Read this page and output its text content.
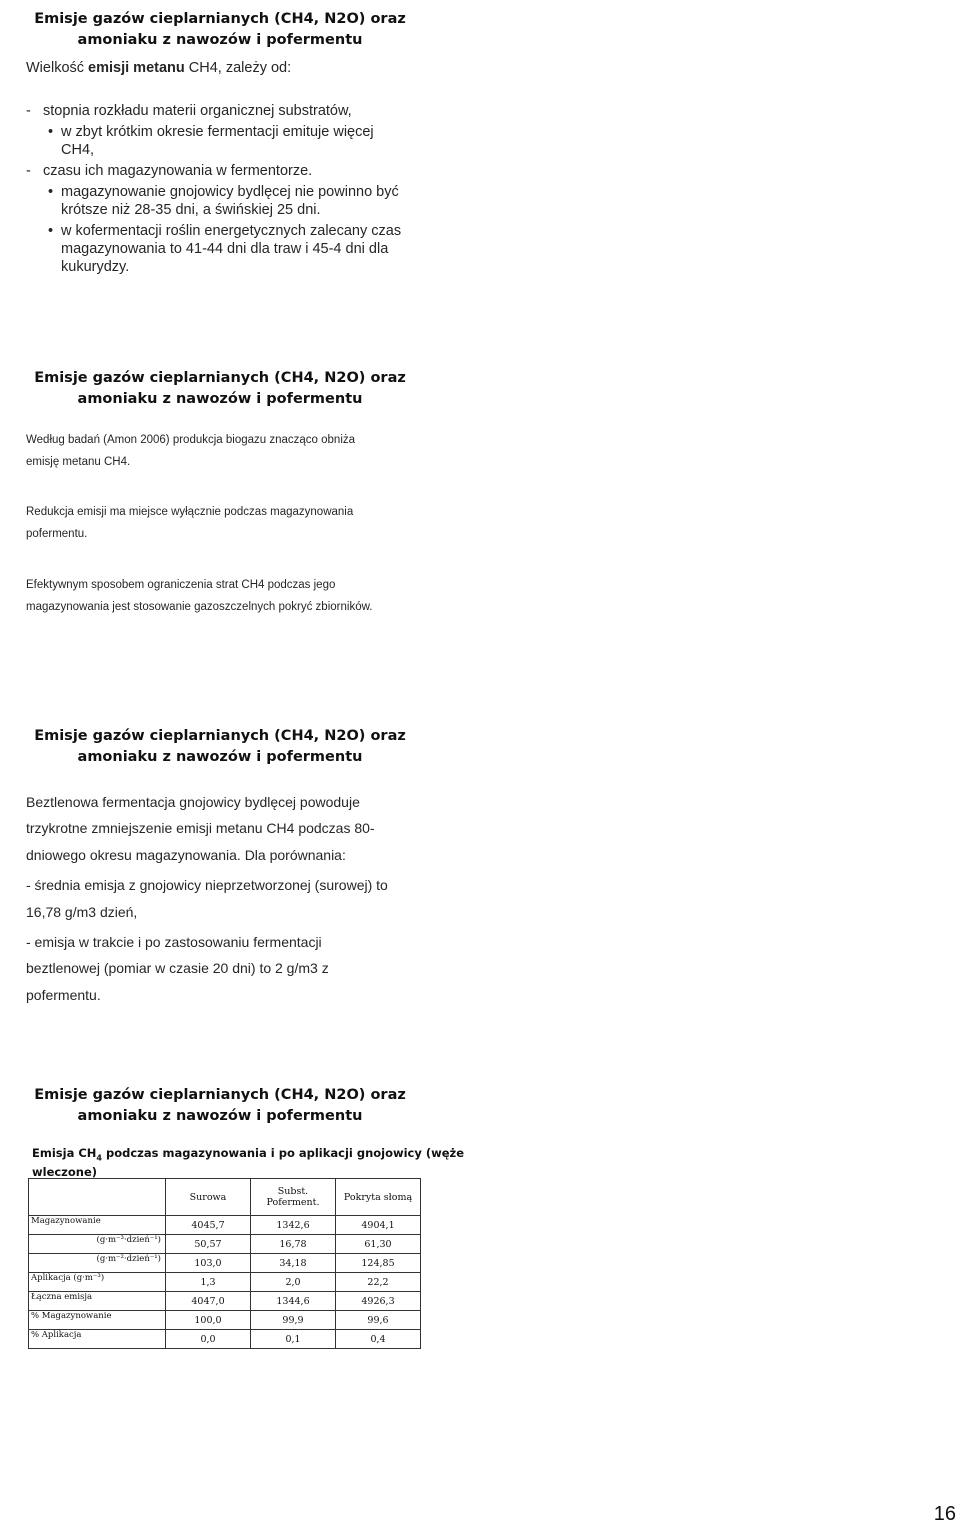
Emisje gazów cieplarnianych (CH4, N2O) oraz
amoniaku z nawozów i pofermentu
Wielkość emisji metanu CH4, zależy od:
- stopnia rozkładu materii organicznej substratów,
• w zbyt krótkim okresie fermentacji emituje więcej
CH4,
- czasu ich magazynowania w fermentorze.
• magazynowanie gnojowicy bydlęcej nie powinno być
krótsze niż 28-35 dni, a świńskiej 25 dni.
• w kofermentacji roślin energetycznych zalecany czas
magazynowania to 41-44 dni dla traw i 45-4 dni dla
kukurydzy.
Emisje gazów cieplarnianych (CH4, N2O) oraz
amoniaku z nawozów i pofermentu
Według badań (Amon 2006) produkcja biogazu znacząco obniża
emisję metanu CH4.
Redukcja emisji ma miejsce wyłącznie podczas magazynowania
pofermentu.
Efektywnym sposobem ograniczenia strat CH4 podczas jego
magazynowania jest stosowanie gazoszczelnych pokryć zbiorników.
Emisje gazów cieplarnianych (CH4, N2O) oraz
amoniaku z nawozów i pofermentu
Beztlenowa fermentacja gnojowicy bydlęcej powoduje
trzykrotne zmniejszenie emisji metanu CH4 podczas 80-
dniowego okresu magazynowania. Dla porównania:
- średnia emisja z gnojowicy nieprzetworzonej (surowej) to
16,78 g/m3 dzień,
- emisja w trakcie i po zastosowaniu fermentacji
beztlenowej (pomiar w czasie 20 dni) to 2 g/m3 z
pofermentu.
Emisje gazów cieplarnianych (CH4, N2O) oraz
amoniaku z nawozów i pofermentu
Emisja $CH_4$ podczas magazynowania i po aplikacji gnojowicy (węże
wleczone)
	Surowa	Subst. Poferment.	Pokryta słomą
Magazynowanie	4045,7	1342,6	4904,1
(g·m⁻³·dzień⁻¹)	50,57	16,78	61,30
(g·m⁻²·dzień⁻¹)	103,0	34,18	124,85
Aplikacja (g·m⁻³)	1,3	2,0	22,2
Łączna emisja	4047,0	1344,6	4926,3
% Magazynowanie	100,0	99,9	99,6
% Aplikacja	0,0	0,1	0,4
16
